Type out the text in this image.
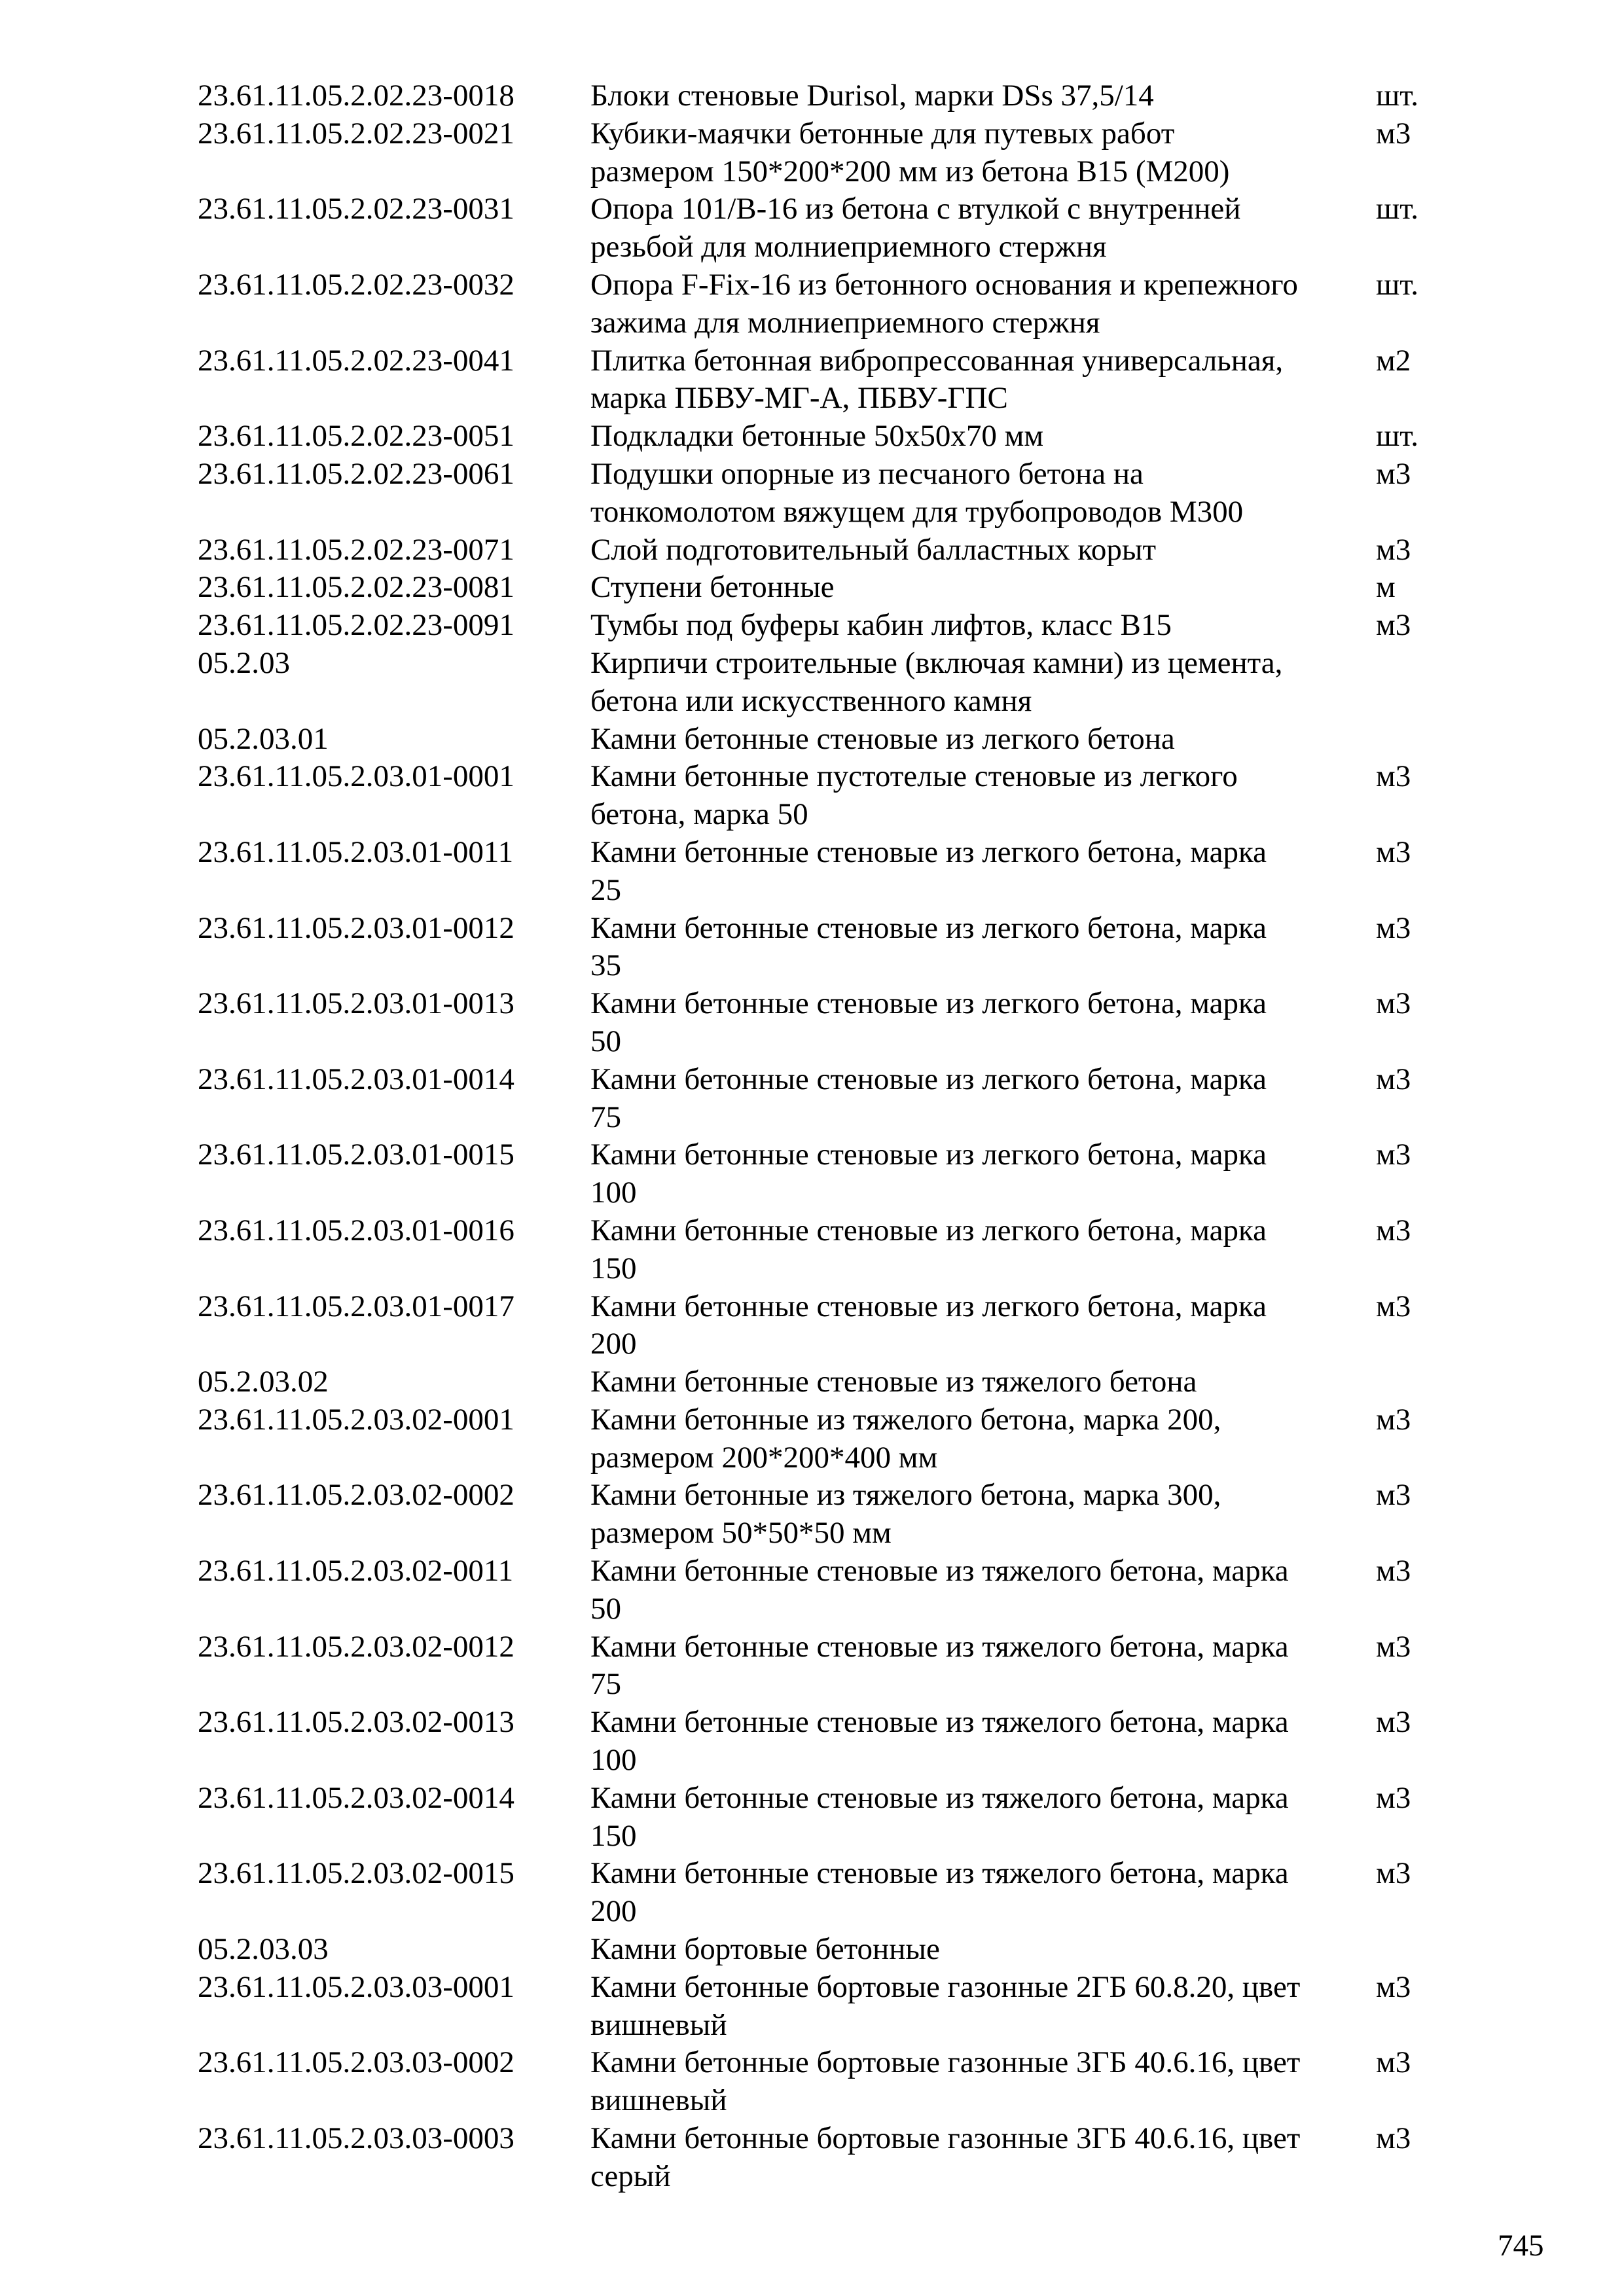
23.61.11.05.2.02.23-0018	Блоки стеновые Durisol, марки DSs 37,5/14	шт.
23.61.11.05.2.02.23-0021	Кубики-маячки бетонные для путевых работ
размером 150*200*200 мм из бетона В15 (М200)	м3
23.61.11.05.2.02.23-0031	Опора 101/В-16 из бетона с втулкой с внутренней
резьбой для молниеприемного стержня	шт.
23.61.11.05.2.02.23-0032	Опора F-Fix-16 из бетонного основания и крепежного
зажима для молниеприемного стержня	шт.
23.61.11.05.2.02.23-0041	Плитка бетонная вибропрессованная универсальная,
марка ПБВУ-МГ-А, ПБВУ-ГПС	м2
23.61.11.05.2.02.23-0051	Подкладки бетонные 50x50x70 мм	шт.
23.61.11.05.2.02.23-0061	Подушки опорные из песчаного бетона на
тонкомолотом вяжущем для трубопроводов М300	м3
23.61.11.05.2.02.23-0071	Слой подготовительный балластных корыт	м3
23.61.11.05.2.02.23-0081	Ступени бетонные	м
23.61.11.05.2.02.23-0091	Тумбы под буферы кабин лифтов, класс В15	м3
05.2.03	Кирпичи строительные (включая камни) из цемента,
бетона или искусственного камня	

05.2.03.01	Камни бетонные стеновые из легкого бетона	

23.61.11.05.2.03.01-0001	Камни бетонные пустотелые стеновые из легкого
бетона, марка 50	м3
23.61.11.05.2.03.01-0011	Камни бетонные стеновые из легкого бетона, марка
25	м3
23.61.11.05.2.03.01-0012	Камни бетонные стеновые из легкого бетона, марка
35	м3
23.61.11.05.2.03.01-0013	Камни бетонные стеновые из легкого бетона, марка
50	м3
23.61.11.05.2.03.01-0014	Камни бетонные стеновые из легкого бетона, марка
75	м3
23.61.11.05.2.03.01-0015	Камни бетонные стеновые из легкого бетона, марка
100	м3
23.61.11.05.2.03.01-0016	Камни бетонные стеновые из легкого бетона, марка
150	м3
23.61.11.05.2.03.01-0017	Камни бетонные стеновые из легкого бетона, марка
200	м3
05.2.03.02	Камни бетонные стеновые из тяжелого бетона	

23.61.11.05.2.03.02-0001	Камни бетонные из тяжелого бетона, марка 200,
размером 200*200*400 мм	м3
23.61.11.05.2.03.02-0002	Камни бетонные из тяжелого бетона, марка 300,
размером 50*50*50 мм	м3
23.61.11.05.2.03.02-0011	Камни бетонные стеновые из тяжелого бетона, марка
50	м3
23.61.11.05.2.03.02-0012	Камни бетонные стеновые из тяжелого бетона, марка
75	м3
23.61.11.05.2.03.02-0013	Камни бетонные стеновые из тяжелого бетона, марка
100	м3
23.61.11.05.2.03.02-0014	Камни бетонные стеновые из тяжелого бетона, марка
150	м3
23.61.11.05.2.03.02-0015	Камни бетонные стеновые из тяжелого бетона, марка
200	м3
05.2.03.03	Камни бортовые бетонные	

23.61.11.05.2.03.03-0001	Камни бетонные бортовые газонные 2ГБ 60.8.20, цвет
вишневый	м3
23.61.11.05.2.03.03-0002	Камни бетонные бортовые газонные 3ГБ 40.6.16, цвет
вишневый	м3
23.61.11.05.2.03.03-0003	Камни бетонные бортовые газонные 3ГБ 40.6.16, цвет
серый	м3
745
